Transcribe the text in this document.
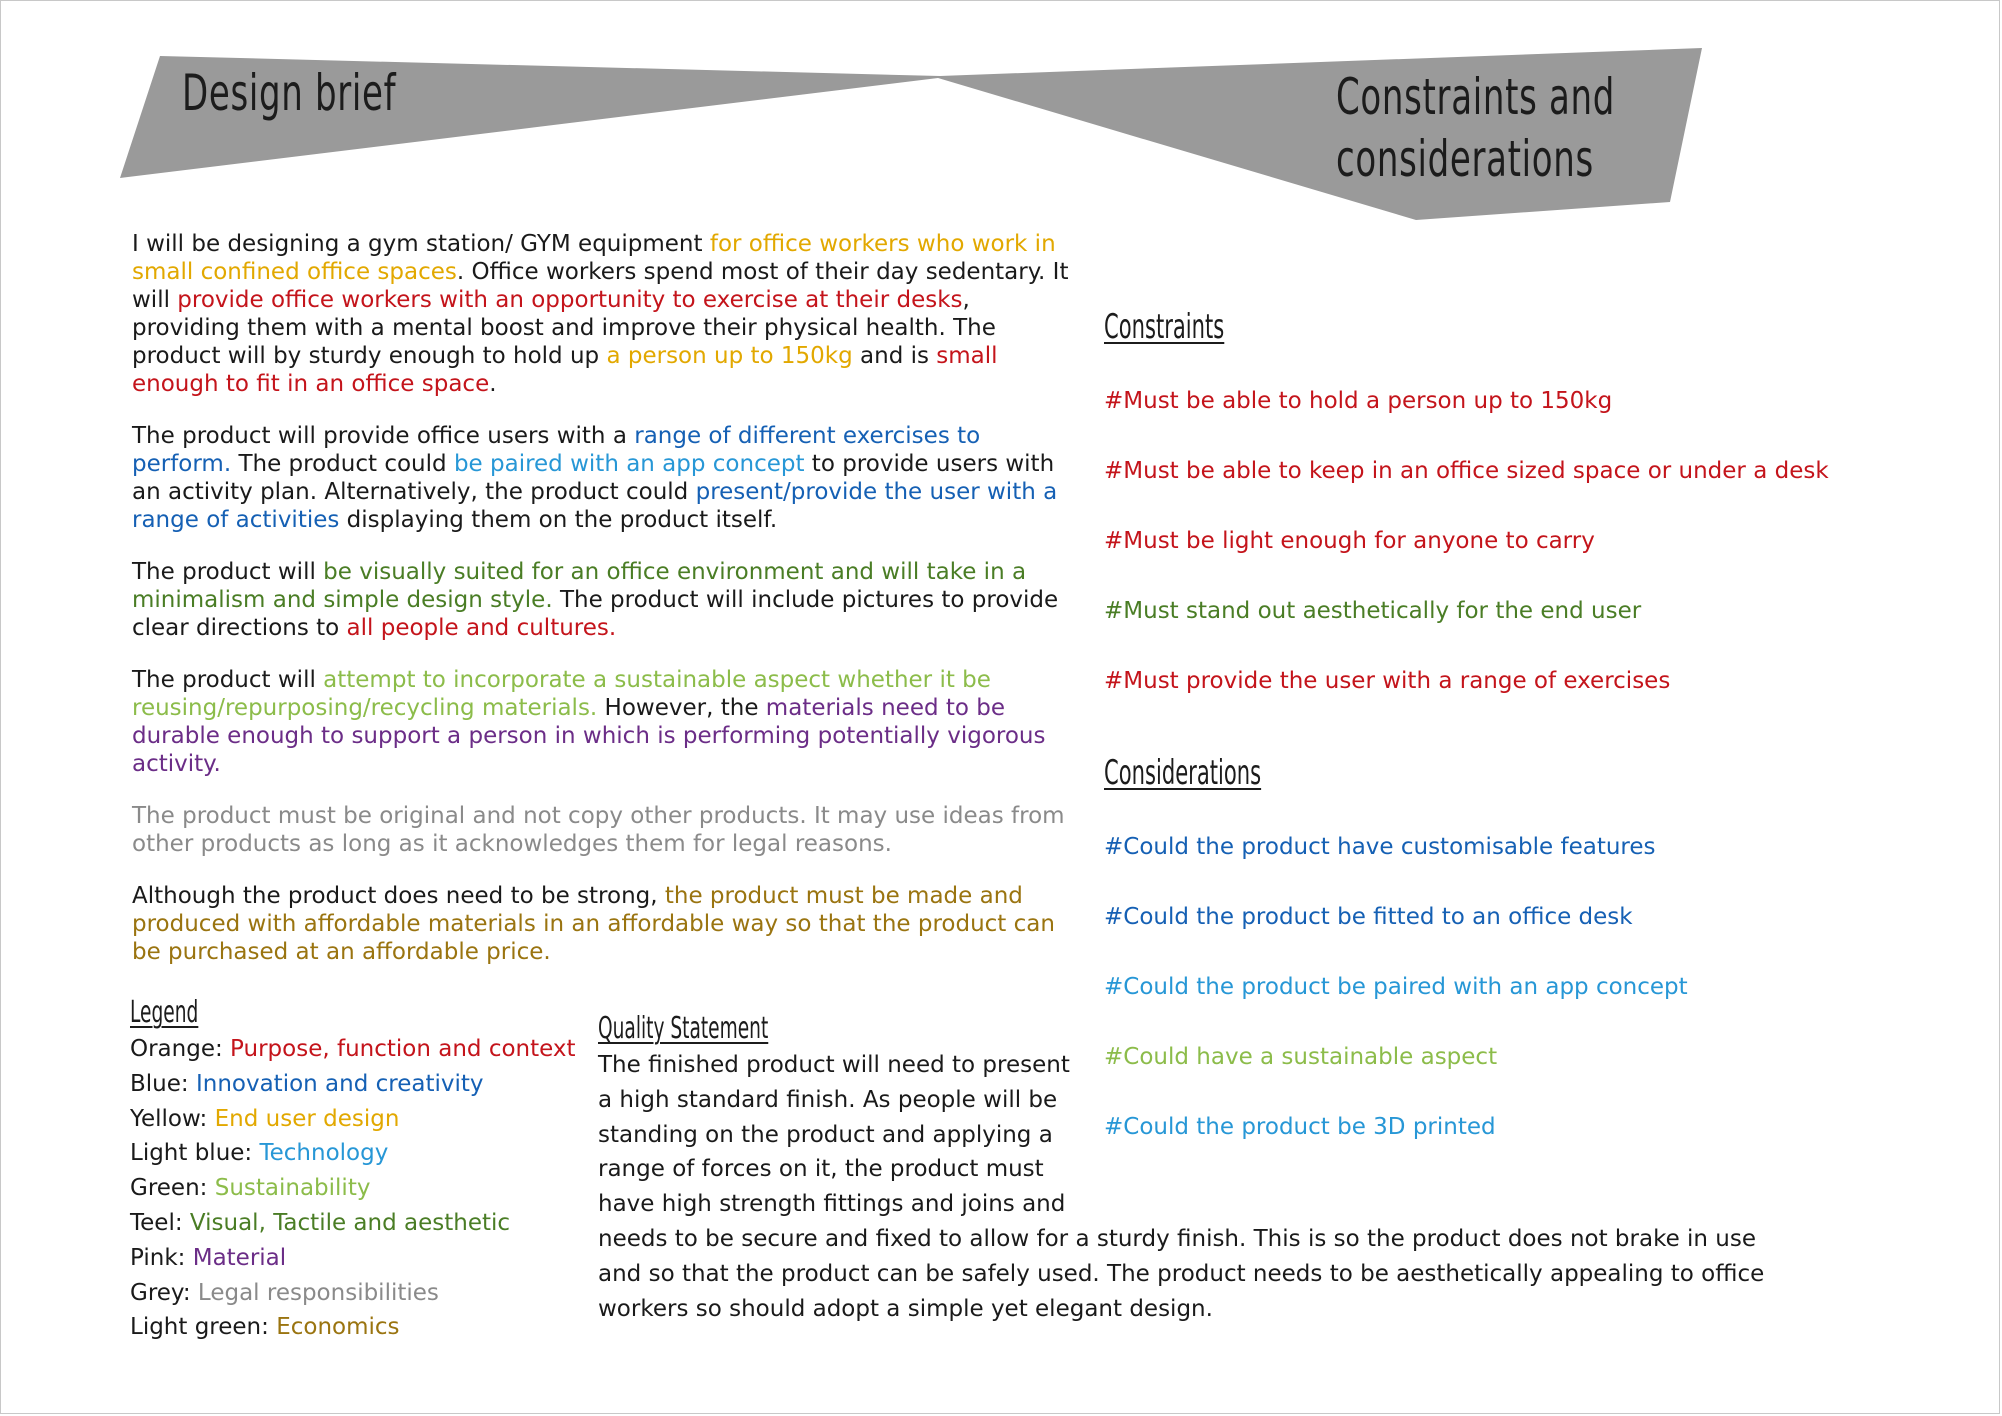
Design brief	Constraints and
considerations

I will be designing a gym station/ GYM equipment for office workers who work in small confined office spaces. Office workers spend most of their day sedentary. It will provide office workers with an opportunity to exercise at their desks, providing them with a mental boost and improve their physical health. The product will by sturdy enough to hold up a person up to 150kg and is small enough to fit in an office space.

The product will provide office users with a range of different exercises to perform. The product could be paired with an app concept to provide users with an activity plan. Alternatively, the product could present/provide the user with a range of activities displaying them on the product itself.

The product will be visually suited for an office environment and will take in a minimalism and simple design style. The product will include pictures to provide clear directions to all people and cultures.

The product will attempt to incorporate a sustainable aspect whether it be reusing/repurposing/recycling materials. However, the materials need to be durable enough to support a person in which is performing potentially vigorous activity.

The product must be original and not copy other products. It may use ideas from other products as long as it acknowledges them for legal reasons.

Although the product does need to be strong, the product must be made and produced with affordable materials in an affordable way so that the product can be purchased at an affordable price.

Constraints
#Must be able to hold a person up to 150kg
#Must be able to keep in an office sized space or under a desk
#Must be light enough for anyone to carry
#Must stand out aesthetically for the end user
#Must provide the user with a range of exercises
Considerations
#Could the product have customisable features
#Could the product be fitted to an office desk
#Could the product be paired with an app concept
#Could have a sustainable aspect
#Could the product be 3D printed
Legend
Orange: Purpose, function and context
Blue: Innovation and creativity
Yellow: End user design
Light blue: Technology
Green: Sustainability
Teel: Visual, Tactile and aesthetic
Pink: Material
Grey: Legal responsibilities
Light green: Economics
Quality Statement
The finished product will need to present
a high standard finish. As people will be
standing on the product and applying a
range of forces on it, the product must
have high strength fittings and joins and
needs to be secure and fixed to allow for a sturdy finish. This is so the product does not brake in use
and so that the product can be safely used. The product needs to be aesthetically appealing to office
workers so should adopt a simple yet elegant design.
